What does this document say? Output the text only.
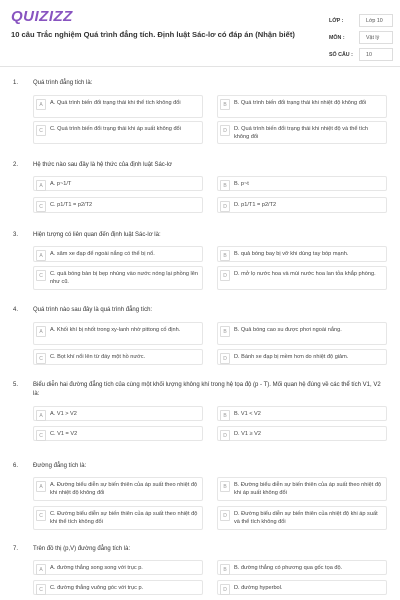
QUIZIZZ
10 câu Trắc nghiệm Quá trình đẳng tích. Định luật Sác-lơ có đáp án (Nhận biết)
LỚP :	Lớp 10
MÔN :	Vật lý
SỐ CÂU :	10
1. Quá trình đẳng tích là:
A	A. Quá trình biến đổi trạng thái khi thể tích không đổi	B	B. Quá trình biến đổi trạng thái khi nhiệt độ không đổi
C	C. Quá trình biến đổi trạng thái khi áp suất không đổi	D	D. Quá trình biến đổi trạng thái khi nhiệt độ và thể tích không đổi
2. Hệ thức nào sau đây là hệ thức của định luật Sác-lơ
A	A. p~1/T	B	B. p~t
C	C. p1/T1 = p2/T2	D	D. p1/T1 = p2/T2
3. Hiện tượng có liên quan đến định luật Sác-lơ là:
A	A. săm xe đạp để ngoài nắng có thể bị nổ.	B	B. quả bóng bay bị vỡ khi dùng tay bóp mạnh.
C	C. quả bóng bàn bị bẹp nhúng vào nước nóng lại phồng lên như cũ.
D	D. mở lọ nước hoa và mùi nước hoa lan tỏa khắp phòng.
4. Quá trình nào sau đây là quá trình đẳng tích:
A	A. Khối khí bị nhốt trong xy-lanh nhờ pittong cố định.	B	B. Quả bóng cao su được phơi ngoài nắng.
C	C. Bọt khí nổi lên từ đáy một hồ nước.	D	D. Bánh xe đạp bị mềm hơn do nhiệt độ giảm.
5. Biểu diễn hai đường đẳng tích của cùng một khối lượng không khí trong hệ tọa độ (p - T). Mối quan hệ đúng về các thể tích V1, V2 là:
A	A. V1 > V2	B	B. V1 < V2
C	C. V1 = V2	D	D. V1 ≥ V2
6. Đường đẳng tích là:
A	A. Đường biểu diễn sự biến thiên của áp suất theo nhiệt độ khi nhiệt độ không đổi
B	B. Đường biểu diễn sự biến thiên của áp suất theo nhiệt độ khi áp suất không đổi
C	C. Đường biểu diễn sự biến thiên của áp suất theo nhiệt độ khi thể tích không đổi
D	D. Đường biểu diễn sự biến thiên của nhiệt độ khi áp suất và thể tích không đổi
7. Trên đồ thị (p,V) đường đẳng tích là:
A	A. đường thẳng song song với trục p.	B	B. đường thẳng có phương qua gốc tọa độ.
C	C. đường thẳng vuông góc với trục p.	D	D. đường hyperbol.
